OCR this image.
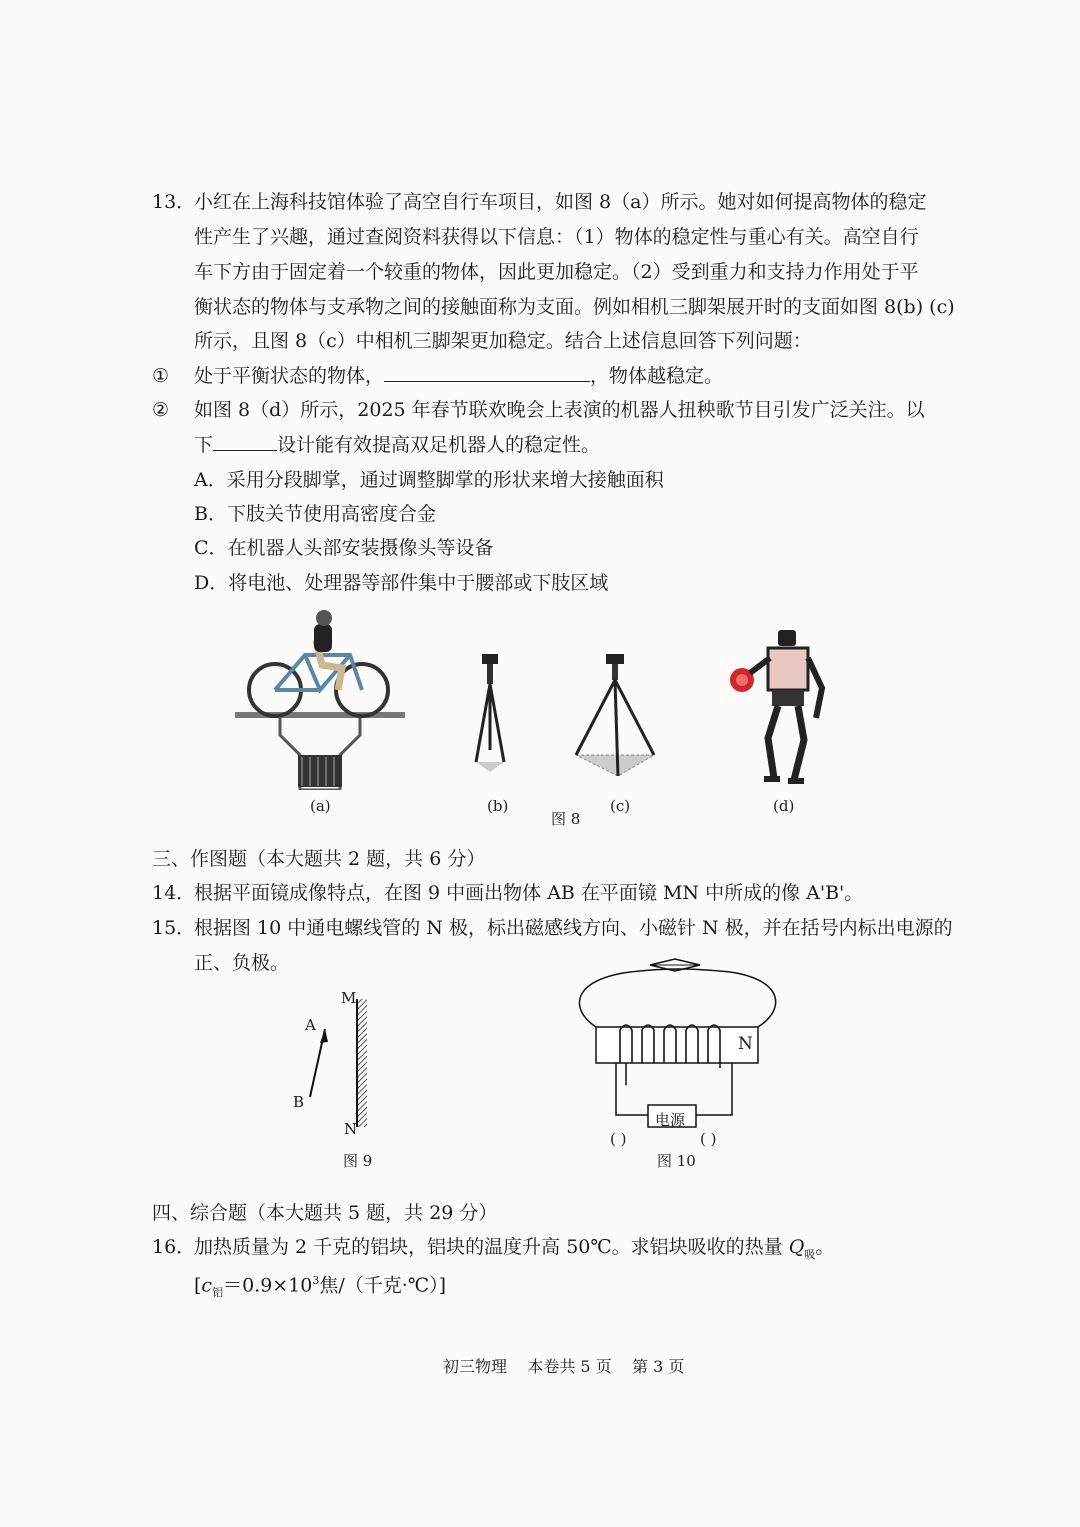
13．
小红在上海科技馆体验了高空自行车项目，如图 8（a）所示。她对如何提高物体的稳定
性产生了兴趣，通过查阅资料获得以下信息：（1）物体的稳定性与重心有关。高空自行
车下方由于固定着一个较重的物体，因此更加稳定。（2）受到重力和支持力作用处于平
衡状态的物体与支承物之间的接触面称为支面。例如相机三脚架展开时的支面如图 8(b) (c)
所示，且图 8（c）中相机三脚架更加稳定。结合上述信息回答下列问题：
① 处于平衡状态的物体，	，物体越稳定。
② 如图 8（d）所示，2025 年春节联欢晚会上表演的机器人扭秧歌节目引发广泛关注。以
下	设计能有效提高双足机器人的稳定性。
A．采用分段脚掌，通过调整脚掌的形状来增大接触面积
B．下肢关节使用高密度合金
C．在机器人头部安装摄像头等设备
D．将电池、处理器等部件集中于腰部或下肢区域
(a)	(b)	(c)
图 8
(d)
三、作图题（本大题共 2 题，共 6 分）
14．
根据平面镜成像特点，在图 9 中画出物体 AB 在平面镜 MN 中所成的像 A'B'。
15．
根据图 10 中通电螺线管的 N 极，标出磁感线方向、小磁针 N 极，并在括号内标出电源的
正、负极。
M
A
B
N
图 9
N
电源
( )	( )
图 10
四、综合题（本大题共 5 题，共 29 分）
16．
加热质量为 2 千克的铝块，铝块的温度升高 50℃。求铝块吸收的热量 $Q_吸$。
[$c_铝=0.9\times 10^3$焦/（千克·℃）]
初三物理    本卷共 5 页    第 3 页
